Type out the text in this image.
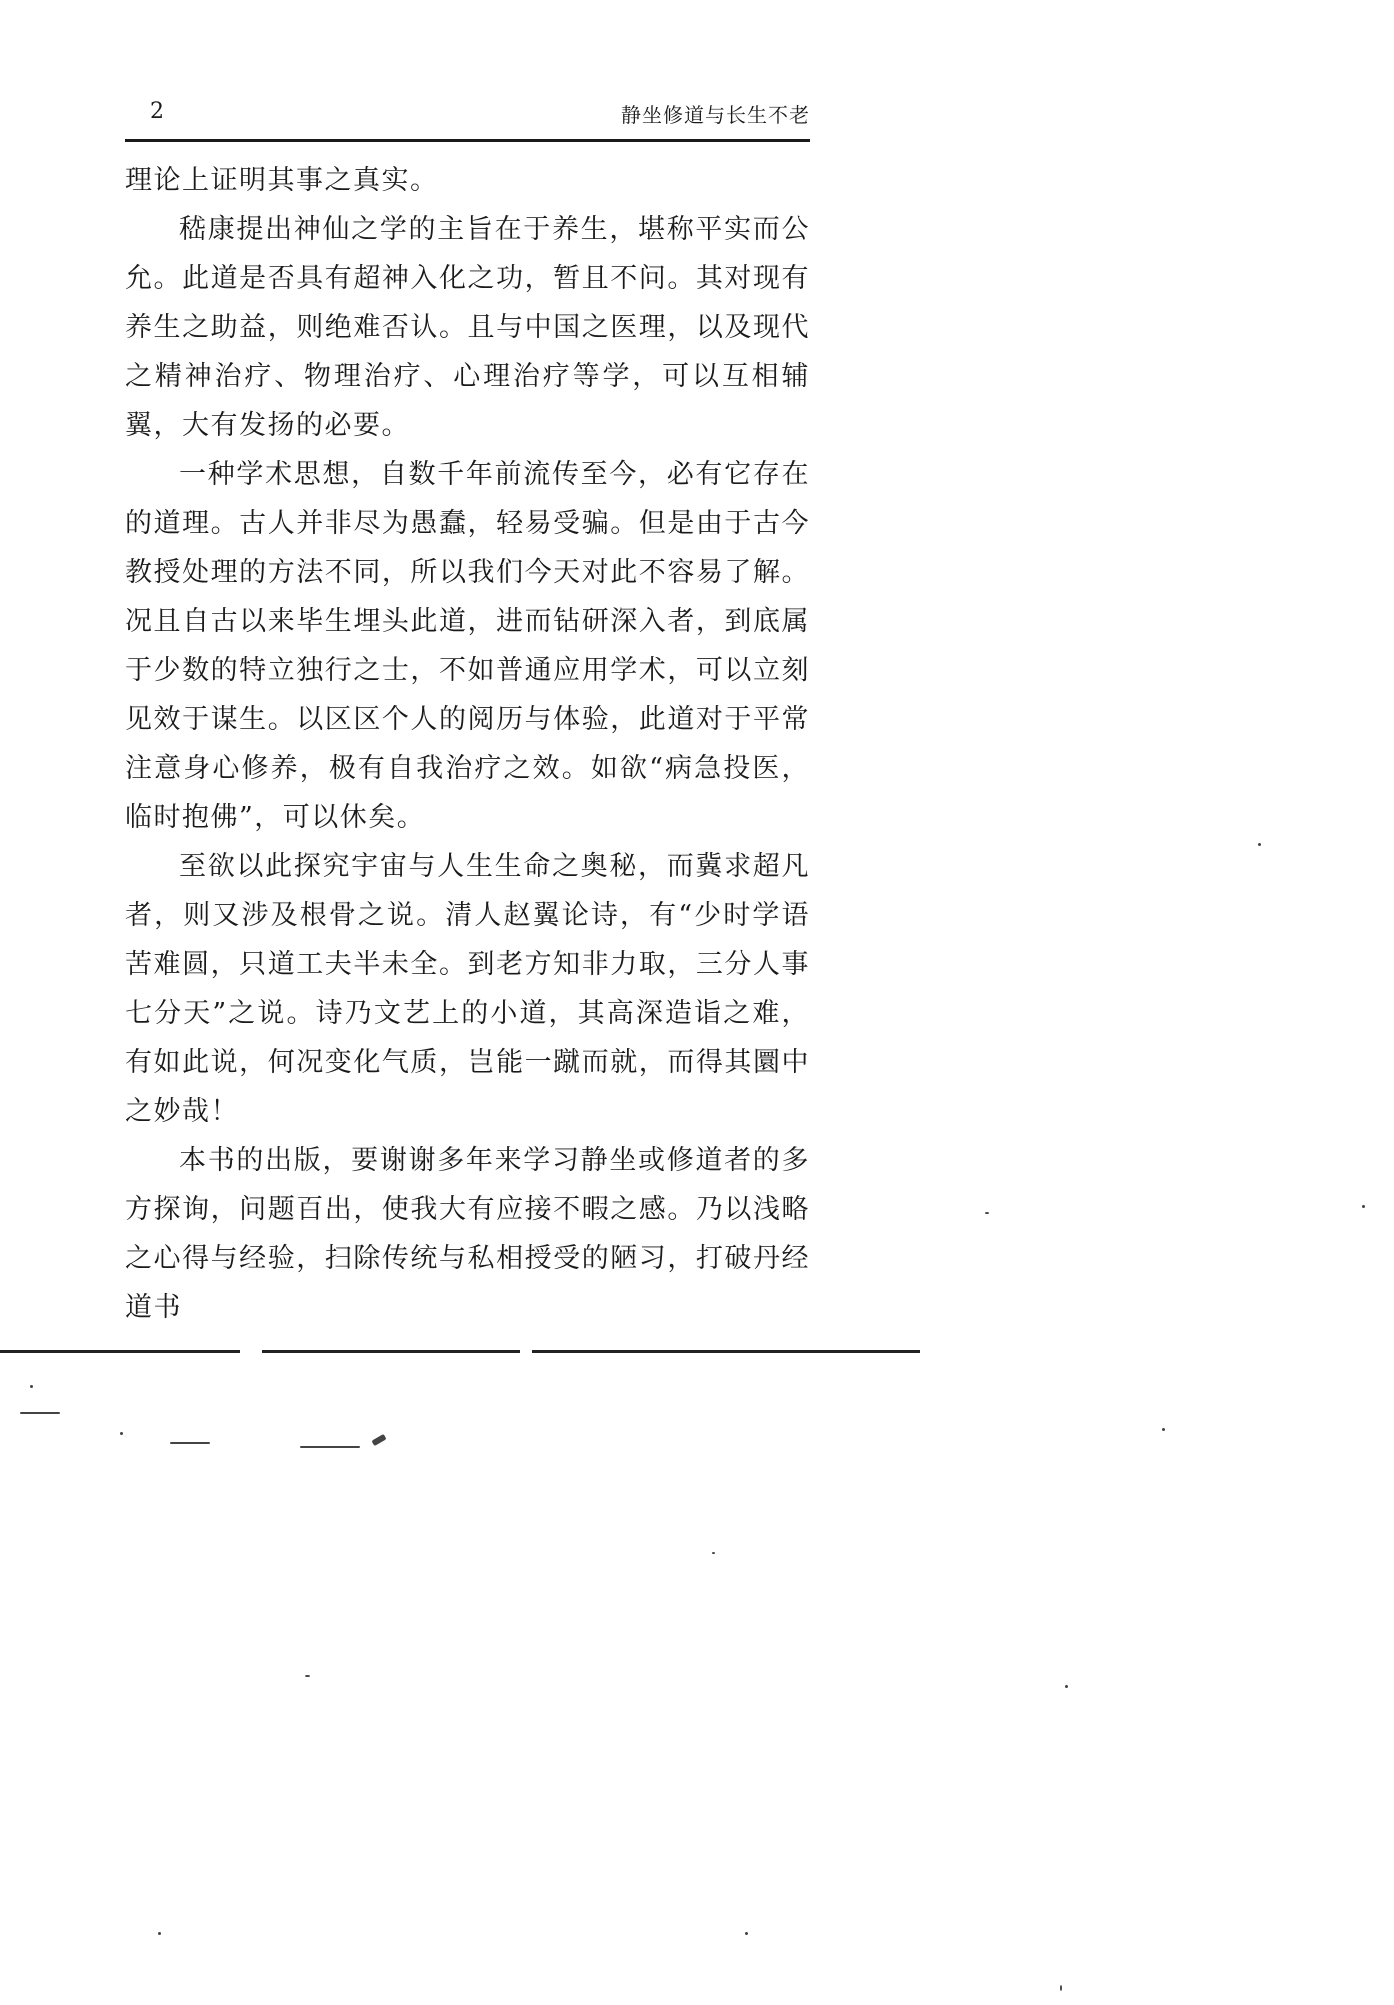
2	静坐修道与长生不老

理论上证明其事之真实。

嵇康提出神仙之学的主旨在于养生，堪称平实而公允。此道是否具有超神入化之功，暂且不问。其对现有养生之助益，则绝难否认。且与中国之医理，以及现代之精神治疗、物理治疗、心理治疗等学，可以互相辅翼，大有发扬的必要。

一种学术思想，自数千年前流传至今，必有它存在的道理。古人并非尽为愚蠢，轻易受骗。但是由于古今教授处理的方法不同，所以我们今天对此不容易了解。况且自古以来毕生埋头此道，进而钻研深入者，到底属于少数的特立独行之士，不如普通应用学术，可以立刻见效于谋生。以区区个人的阅历与体验，此道对于平常注意身心修养，极有自我治疗之效。如欲“病急投医，临时抱佛”，可以休矣。

至欲以此探究宇宙与人生生命之奥秘，而冀求超凡者，则又涉及根骨之说。清人赵翼论诗，有“少时学语苦难圆，只道工夫半未全。到老方知非力取，三分人事七分天”之说。诗乃文艺上的小道，其高深造诣之难，有如此说，何况变化气质，岂能一蹴而就，而得其圜中之妙哉！

本书的出版，要谢谢多年来学习静坐或修道者的多方探询，问题百出，使我大有应接不暇之感。乃以浅略之心得与经验，扫除传统与私相授受的陋习，打破丹经道书
